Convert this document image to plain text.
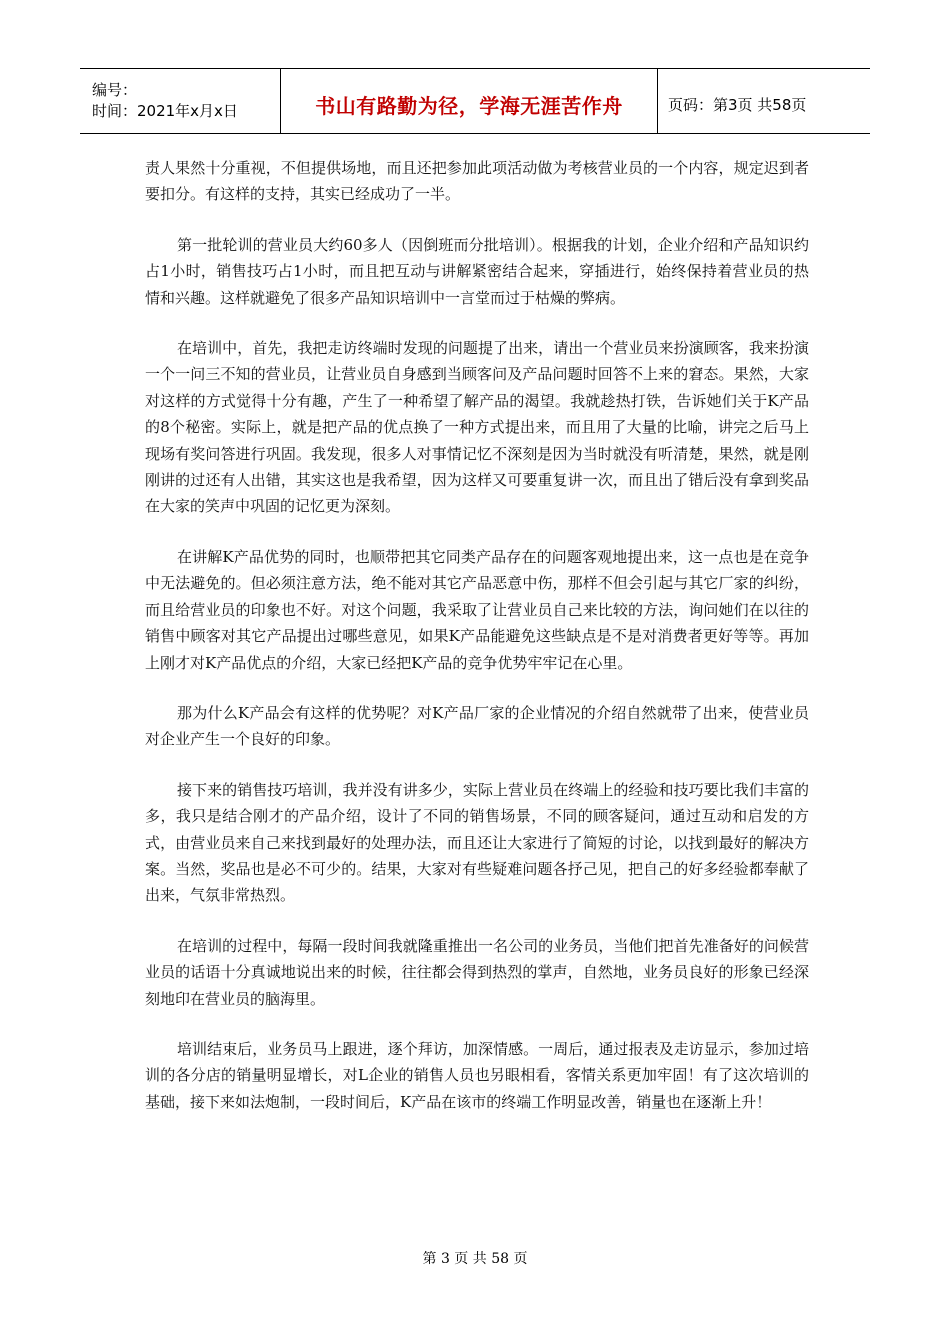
编号：
时间：2021年x月x日	书山有路勤为径，学海无涯苦作舟	页码：第3页 共58页

责人果然十分重视，不但提供场地，而且还把参加此项活动做为考核营业员的一个内容，规定迟到者要扣分。有这样的支持，其实已经成功了一半。

第一批轮训的营业员大约60多人（因倒班而分批培训）。根据我的计划，企业介绍和产品知识约占1小时，销售技巧占1小时，而且把互动与讲解紧密结合起来，穿插进行，始终保持着营业员的热情和兴趣。这样就避免了很多产品知识培训中一言堂而过于枯燥的弊病。

在培训中，首先，我把走访终端时发现的问题提了出来，请出一个营业员来扮演顾客，我来扮演一个一问三不知的营业员，让营业员自身感到当顾客问及产品问题时回答不上来的窘态。果然，大家对这样的方式觉得十分有趣，产生了一种希望了解产品的渴望。我就趁热打铁，告诉她们关于K产品的8个秘密。实际上，就是把产品的优点换了一种方式提出来，而且用了大量的比喻，讲完之后马上现场有奖问答进行巩固。我发现，很多人对事情记忆不深刻是因为当时就没有听清楚，果然，就是刚刚讲的过还有人出错，其实这也是我希望，因为这样又可要重复讲一次，而且出了错后没有拿到奖品在大家的笑声中巩固的记忆更为深刻。

在讲解K产品优势的同时，也顺带把其它同类产品存在的问题客观地提出来，这一点也是在竞争中无法避免的。但必须注意方法，绝不能对其它产品恶意中伤，那样不但会引起与其它厂家的纠纷，而且给营业员的印象也不好。对这个问题，我采取了让营业员自己来比较的方法，询问她们在以往的销售中顾客对其它产品提出过哪些意见，如果K产品能避免这些缺点是不是对消费者更好等等。再加上刚才对K产品优点的介绍，大家已经把K产品的竞争优势牢牢记在心里。

那为什么K产品会有这样的优势呢？对K产品厂家的企业情况的介绍自然就带了出来，使营业员对企业产生一个良好的印象。

接下来的销售技巧培训，我并没有讲多少，实际上营业员在终端上的经验和技巧要比我们丰富的多，我只是结合刚才的产品介绍，设计了不同的销售场景，不同的顾客疑问，通过互动和启发的方式，由营业员来自己来找到最好的处理办法，而且还让大家进行了简短的讨论，以找到最好的解决方案。当然，奖品也是必不可少的。结果，大家对有些疑难问题各抒己见，把自己的好多经验都奉献了出来，气氛非常热烈。

在培训的过程中，每隔一段时间我就隆重推出一名公司的业务员，当他们把首先准备好的问候营业员的话语十分真诚地说出来的时候，往往都会得到热烈的掌声，自然地，业务员良好的形象已经深刻地印在营业员的脑海里。

培训结束后，业务员马上跟进，逐个拜访，加深情感。一周后，通过报表及走访显示，参加过培训的各分店的销量明显增长，对L企业的销售人员也另眼相看，客情关系更加牢固！有了这次培训的基础，接下来如法炮制，一段时间后，K产品在该市的终端工作明显改善，销量也在逐渐上升！

第 3 页 共 58 页
